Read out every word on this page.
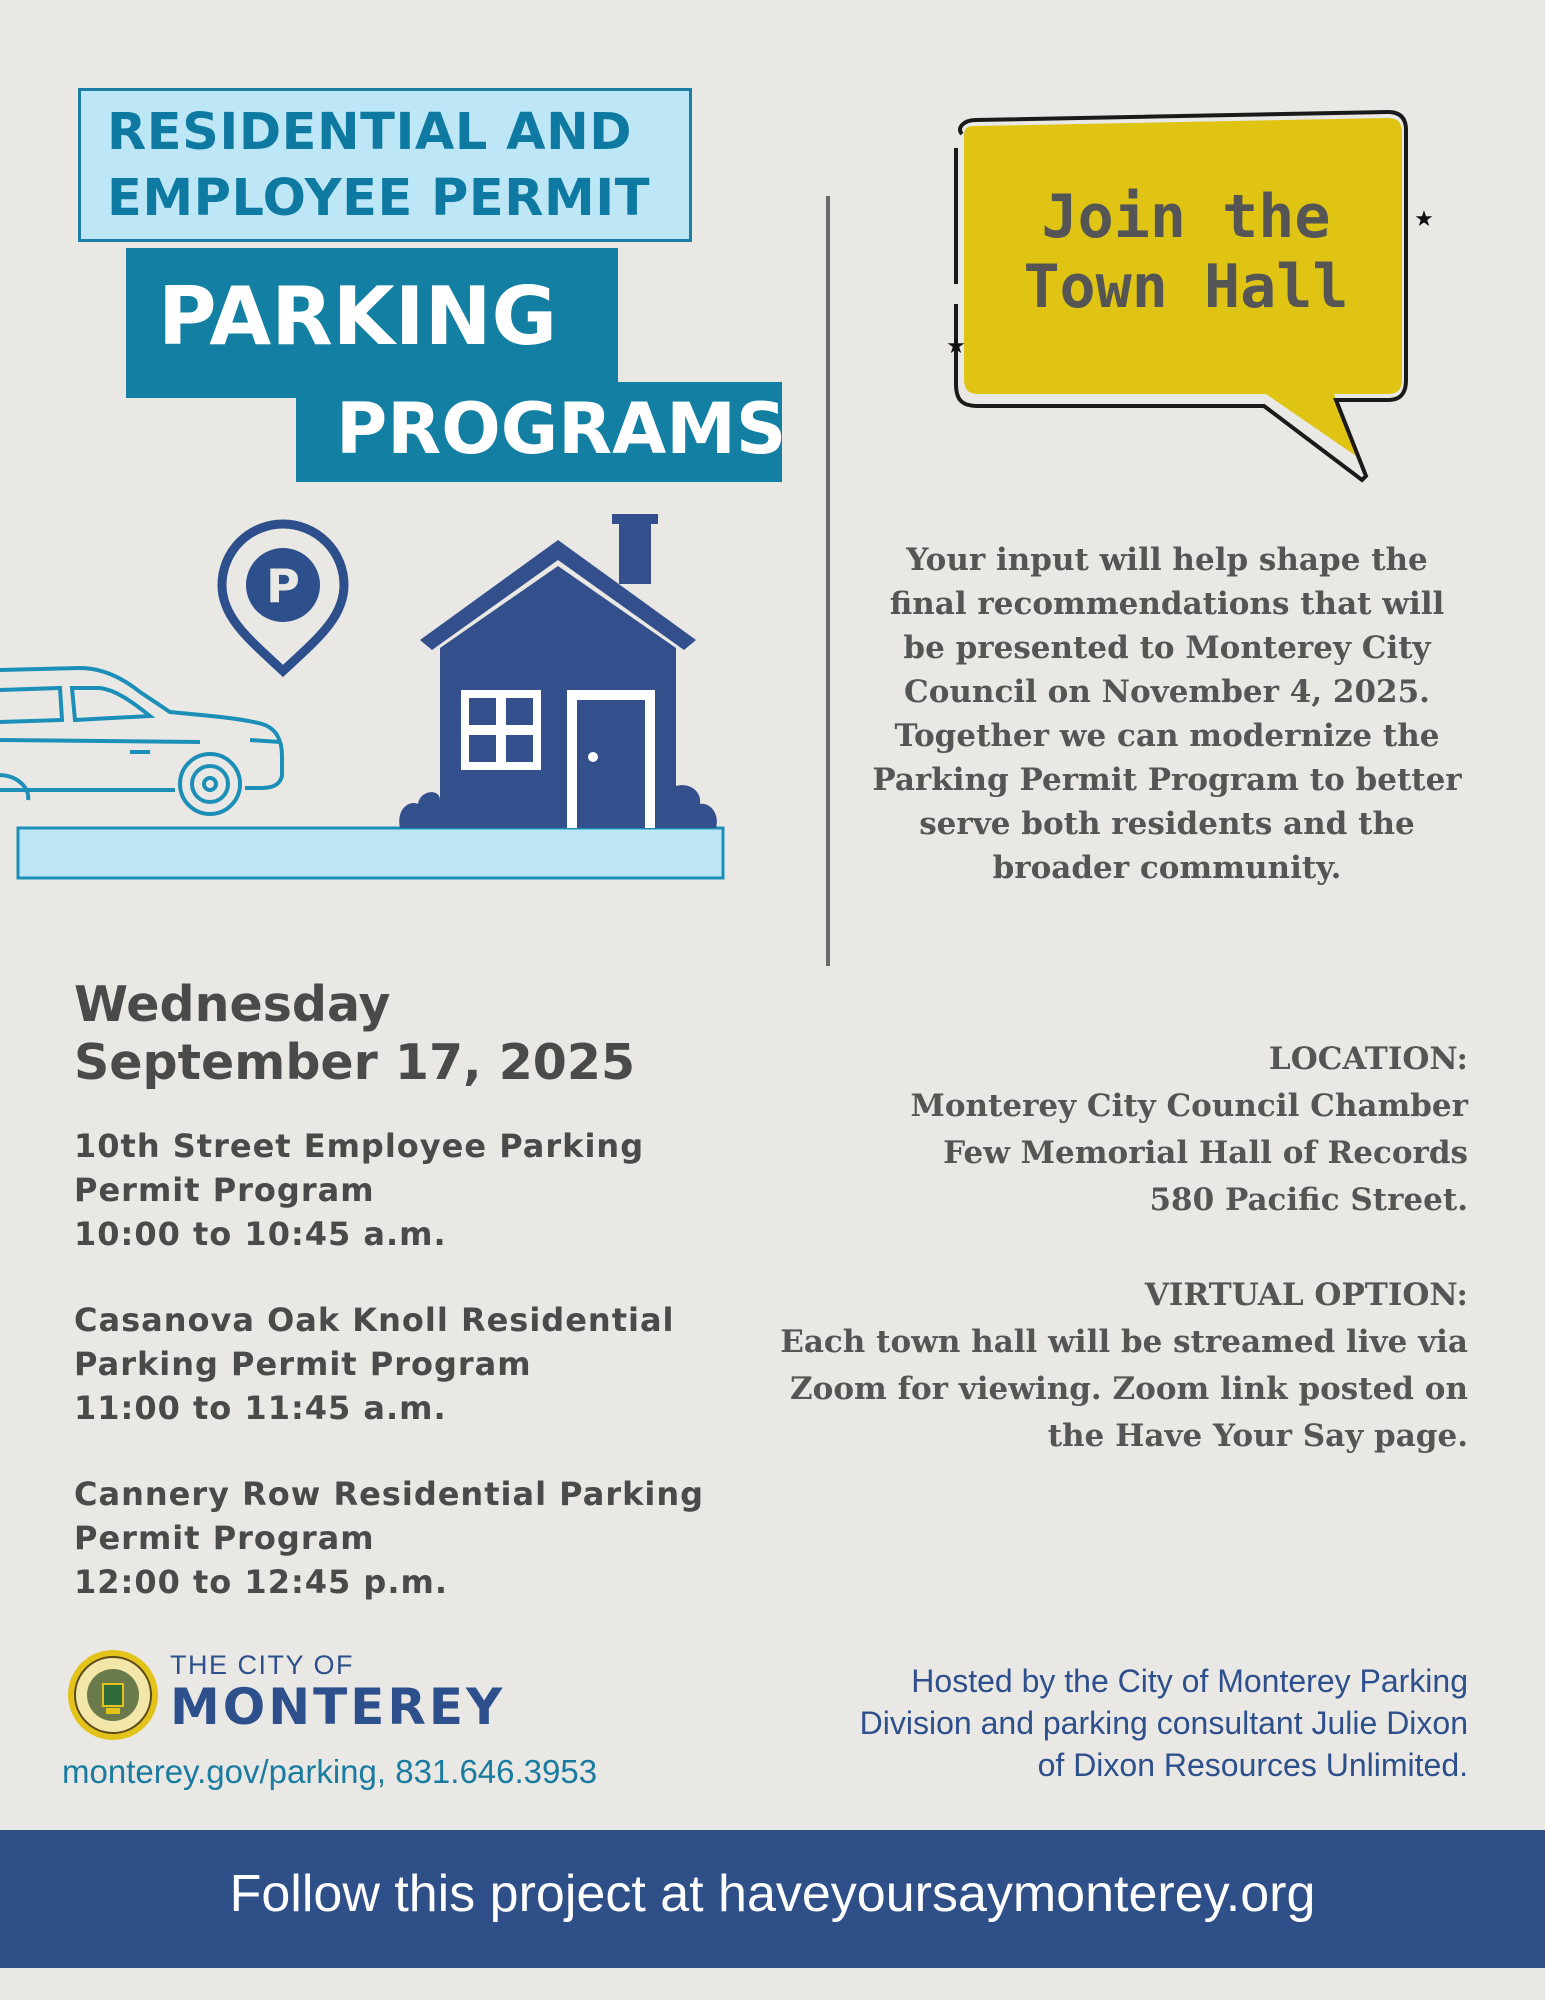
RESIDENTIAL AND
EMPLOYEE PERMIT
PARKING
PROGRAMS
P
★
★
Join the
Town Hall
Your input will help shape the
final recommendations that will
be presented to Monterey City
Council on November 4, 2025.
Together we can modernize the
Parking Permit Program to better
serve both residents and the
broader community.
Wednesday
September 17, 2025
10th Street Employee Parking
Permit Program
10:00 to 10:45 a.m.
Casanova Oak Knoll Residential
Parking Permit Program
11:00 to 11:45 a.m.
Cannery Row Residential Parking
Permit Program
12:00 to 12:45 p.m.
LOCATION:
Monterey City Council Chamber
Few Memorial Hall of Records
580 Pacific Street.
VIRTUAL OPTION:
Each town hall will be streamed live via
Zoom for viewing. Zoom link posted on
the Have Your Say page.
THE CITY OF
MONTEREY
monterey.gov/parking, 831.646.3953
Hosted by the City of Monterey Parking
Division and parking consultant Julie Dixon
of Dixon Resources Unlimited.
Follow this project at haveyoursaymonterey.org
